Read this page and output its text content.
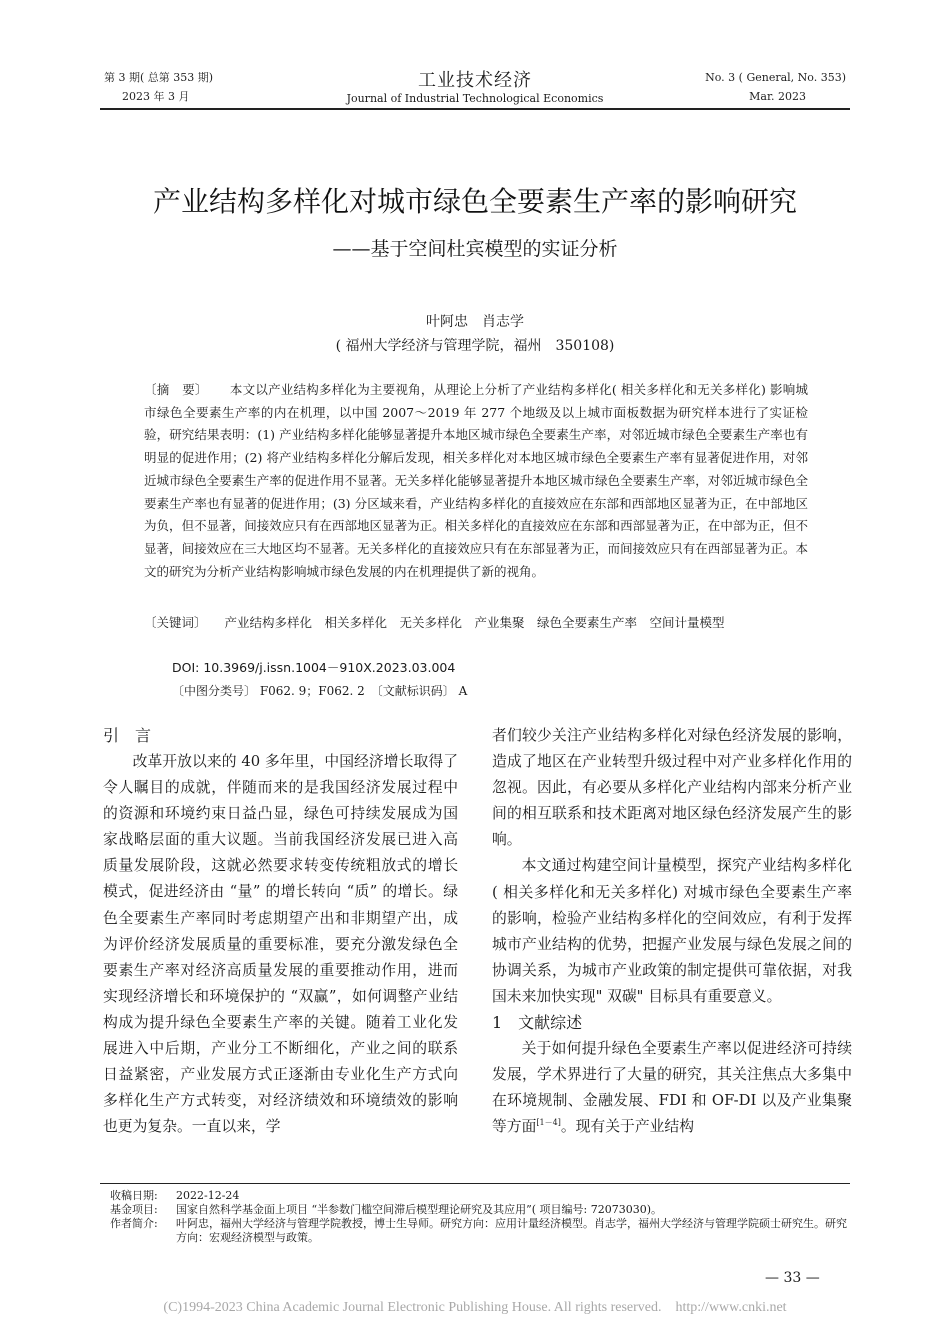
第 3 期( 总第 353 期)
2023 年 3 月
工业技术经济
Journal of Industrial Technological Economics
No. 3 ( General, No. 353)
Mar. 2023
产业结构多样化对城市绿色全要素生产率的影响研究
——基于空间杜宾模型的实证分析
叶阿忠　肖志学
( 福州大学经济与管理学院，福州　350108)
〔摘　要〕 本文以产业结构多样化为主要视角，从理论上分析了产业结构多样化( 相关多样化和无关多样化) 影响城市绿色全要素生产率的内在机理，以中国 2007～2019 年 277 个地级及以上城市面板数据为研究样本进行了实证检验，研究结果表明：(1) 产业结构多样化能够显著提升本地区城市绿色全要素生产率，对邻近城市绿色全要素生产率也有明显的促进作用；(2) 将产业结构多样化分解后发现，相关多样化对本地区城市绿色全要素生产率有显著促进作用，对邻近城市绿色全要素生产率的促进作用不显著。无关多样化能够显著提升本地区城市绿色全要素生产率，对邻近城市绿色全要素生产率也有显著的促进作用；(3) 分区域来看，产业结构多样化的直接效应在东部和西部地区显著为正，在中部地区为负，但不显著，间接效应只有在西部地区显著为正。相关多样化的直接效应在东部和西部显著为正，在中部为正，但不显著，间接效应在三大地区均不显著。无关多样化的直接效应只有在东部显著为正，而间接效应只有在西部显著为正。本文的研究为分析产业结构影响城市绿色发展的内在机理提供了新的视角。
〔关键词〕 产业结构多样化　相关多样化　无关多样化　产业集聚　绿色全要素生产率　空间计量模型
DOI: 10.3969/j.issn.1004－910X.2023.03.004
〔中图分类号〕 F062. 9；F062. 2　〔文献标识码〕 A

引　言

改革开放以来的 40 多年里，中国经济增长取得了令人瞩目的成就，伴随而来的是我国经济发展过程中的资源和环境约束日益凸显，绿色可持续发展成为国家战略层面的重大议题。当前我国经济发展已进入高质量发展阶段，这就必然要求转变传统粗放式的增长模式，促进经济由 “量” 的增长转向 “质” 的增长。绿色全要素生产率同时考虑期望产出和非期望产出，成为评价经济发展质量的重要标准，要充分激发绿色全要素生产率对经济高质量发展的重要推动作用，进而实现经济增长和环境保护的 “双赢”，如何调整产业结构成为提升绿色全要素生产率的关键。随着工业化发展进入中后期，产业分工不断细化，产业之间的联系日益紧密，产业发展方式正逐渐由专业化生产方式向多样化生产方式转变，对经济绩效和环境绩效的影响也更为复杂。一直以来，学

者们较少关注产业结构多样化对绿色经济发展的影响，造成了地区在产业转型升级过程中对产业多样化作用的忽视。因此，有必要从多样化产业结构内部来分析产业间的相互联系和技术距离对地区绿色经济发展产生的影响。

本文通过构建空间计量模型，探究产业结构多样化( 相关多样化和无关多样化) 对城市绿色全要素生产率的影响，检验产业结构多样化的空间效应，有利于发挥城市产业结构的优势，把握产业发展与绿色发展之间的协调关系，为城市产业政策的制定提供可靠依据，对我国未来加快实现" 双碳" 目标具有重要意义。

1　文献综述

关于如何提升绿色全要素生产率以促进经济可持续发展，学术界进行了大量的研究，其关注焦点大多集中在环境规制、金融发展、FDI 和 OF-DI 以及产业集聚等方面[1－4]。现有关于产业结构

收稿日期:	2022-12-24
基金项目:	国家自然科学基金面上项目 “半参数门槛空间滞后模型理论研究及其应用”( 项目编号: 72073030)。
作者简介:	叶阿忠，福州大学经济与管理学院教授，博士生导师。研究方向：应用计量经济模型。肖志学，福州大学经济与管理学院硕士研究生。研究方向：宏观经济模型与政策。
— 33 —
(C)1994-2023 China Academic Journal Electronic Publishing House. All rights reserved.　http://www.cnki.net
